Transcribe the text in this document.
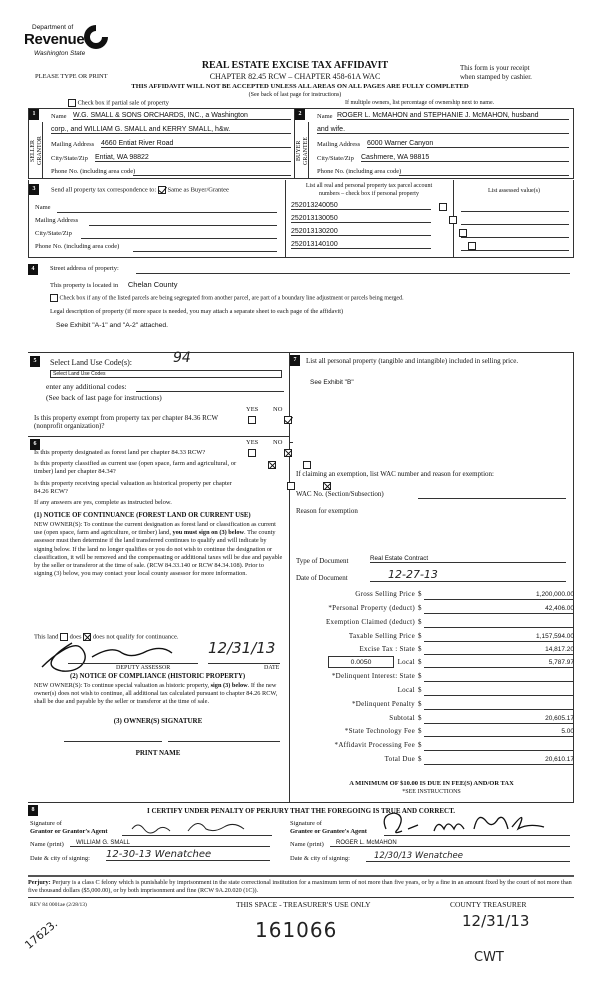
Department of
Revenue
Washington State
PLEASE TYPE OR PRINT
REAL ESTATE EXCISE TAX AFFIDAVIT
CHAPTER 82.45 RCW – CHAPTER 458-61A WAC
This form is your receipt
when stamped by cashier.
THIS AFFIDAVIT WILL NOT BE ACCEPTED UNLESS ALL AREAS ON ALL PAGES ARE FULLY COMPLETED
(See back of last page for instructions)
Check box if partial sale of property	If multiple owners, list percentage of ownership next to name.
1
SELLER GRANTOR
Name W.G. SMALL & SONS ORCHARDS, INC., a Washington
corp., and WILLIAM G. SMALL and KERRY SMALL, h&w.
Mailing Address 4660 Entiat River Road
City/State/Zip Entiat, WA 98822
Phone No. (including area code)
2
BUYER GRANTEE
Name ROGER L. McMAHON and STEPHANIE J. McMAHON, husband
and wife.
Mailing Address 6000 Warner Canyon
City/State/Zip Cashmere, WA 98815
Phone No. (including area code)
3	Send all property tax correspondence to: Same as Buyer/Grantee
Name
Mailing Address
City/State/Zip
Phone No. (including area code)
List all real and personal property tax parcel account
numbers – check box if personal property	List assessed value(s)
252013240050

252013130050

252013130200

252013140100
4	Street address of property:
This property is located in Chelan County
Check box if any of the listed parcels are being segregated from another parcel, are part of a boundary line adjustment or parcels being merged.
Legal description of property (if more space is needed, you may attach a separate sheet to each page of the affidavit)
See Exhibit "A-1" and "A-2" attached.
5	Select Land Use Code(s):	94
Select Land Use Codes
enter any additional codes:
(See back of last page for instructions)
YES NO
Is this property exempt from property tax per chapter 84.36 RCW (nonprofit organization)?

6	YES NO
Is this property designated as forest land per chapter 84.33 RCW?

Is this property classified as current use (open space, farm and agricultural, or timber) land per chapter 84.34?

Is this property receiving special valuation as historical property per chapter 84.26 RCW?

If any answers are yes, complete as instructed below.
(1) NOTICE OF CONTINUANCE (FOREST LAND OR CURRENT USE)
NEW OWNER(S): To continue the current designation as forest land or classification as current use (open space, farm and agriculture, or timber) land, you must sign on (3) below. The county assessor must then determine if the land transferred continues to qualify and will indicate by signing below. If the land no longer qualifies or you do not wish to continue the designation or classification, it will be removed and the compensating or additional taxes will be due and payable by the seller or transferor at the time of sale. (RCW 84.33.140 or RCW 84.34.108). Prior to signing (3) below, you may contact your local county assessor for more information.
This land does does not qualify for continuance.
12/31/13
DEPUTY ASSESSOR	DATE
(2) NOTICE OF COMPLIANCE (HISTORIC PROPERTY)
NEW OWNER(S): To continue special valuation as historic property, sign (3) below. If the new owner(s) does not wish to continue, all additional tax calculated pursuant to chapter 84.26 RCW, shall be due and payable by the seller or transferor at the time of sale.
(3) OWNER(S) SIGNATURE
PRINT NAME
7	List all personal property (tangible and intangible) included in selling price.
See Exhibit "B"
If claiming an exemption, list WAC number and reason for exemption:
WAC No. (Section/Subsection)
Reason for exemption
Type of Document	Real Estate Contract
Date of Document	12-27-13
Gross Selling Price $	1,200,000.00
*Personal Property (deduct) $	42,406.00
Exemption Claimed (deduct) $
Taxable Selling Price $	1,157,594.00
Excise Tax : State $	14,817.20
0.0050	Local $	5,787.97
*Delinquent Interest: State $
Local $
*Delinquent Penalty $
Subtotal $	20,605.17
*State Technology Fee $	5.00
*Affidavit Processing Fee $
Total Due $	20,610.17
A MINIMUM OF $10.00 IS DUE IN FEE(S) AND/OR TAX
*SEE INSTRUCTIONS
8	I CERTIFY UNDER PENALTY OF PERJURY THAT THE FOREGOING IS TRUE AND CORRECT.
Signature of
Grantor or Grantor's Agent
Name (print)	WILLIAM G. SMALL
Date & city of signing: 12-30-13 Wenatchee
Signature of
Grantee or Grantee's Agent
Name (print)	ROGER L. McMAHON
Date & city of signing:	12/30/13 Wenatchee
Perjury: Perjury is a class C felony which is punishable by imprisonment in the state correctional institution for a maximum term of not more than five years, or by a fine in an amount fixed by the court of not more than five thousand dollars ($5,000.00), or by both imprisonment and fine (RCW 9A.20.020 (1C)).
REV 84 0001ae (2/28/13)	THIS SPACE - TREASURER'S USE ONLY	COUNTY TREASURER
17623.	161066	12/31/13
CWT
